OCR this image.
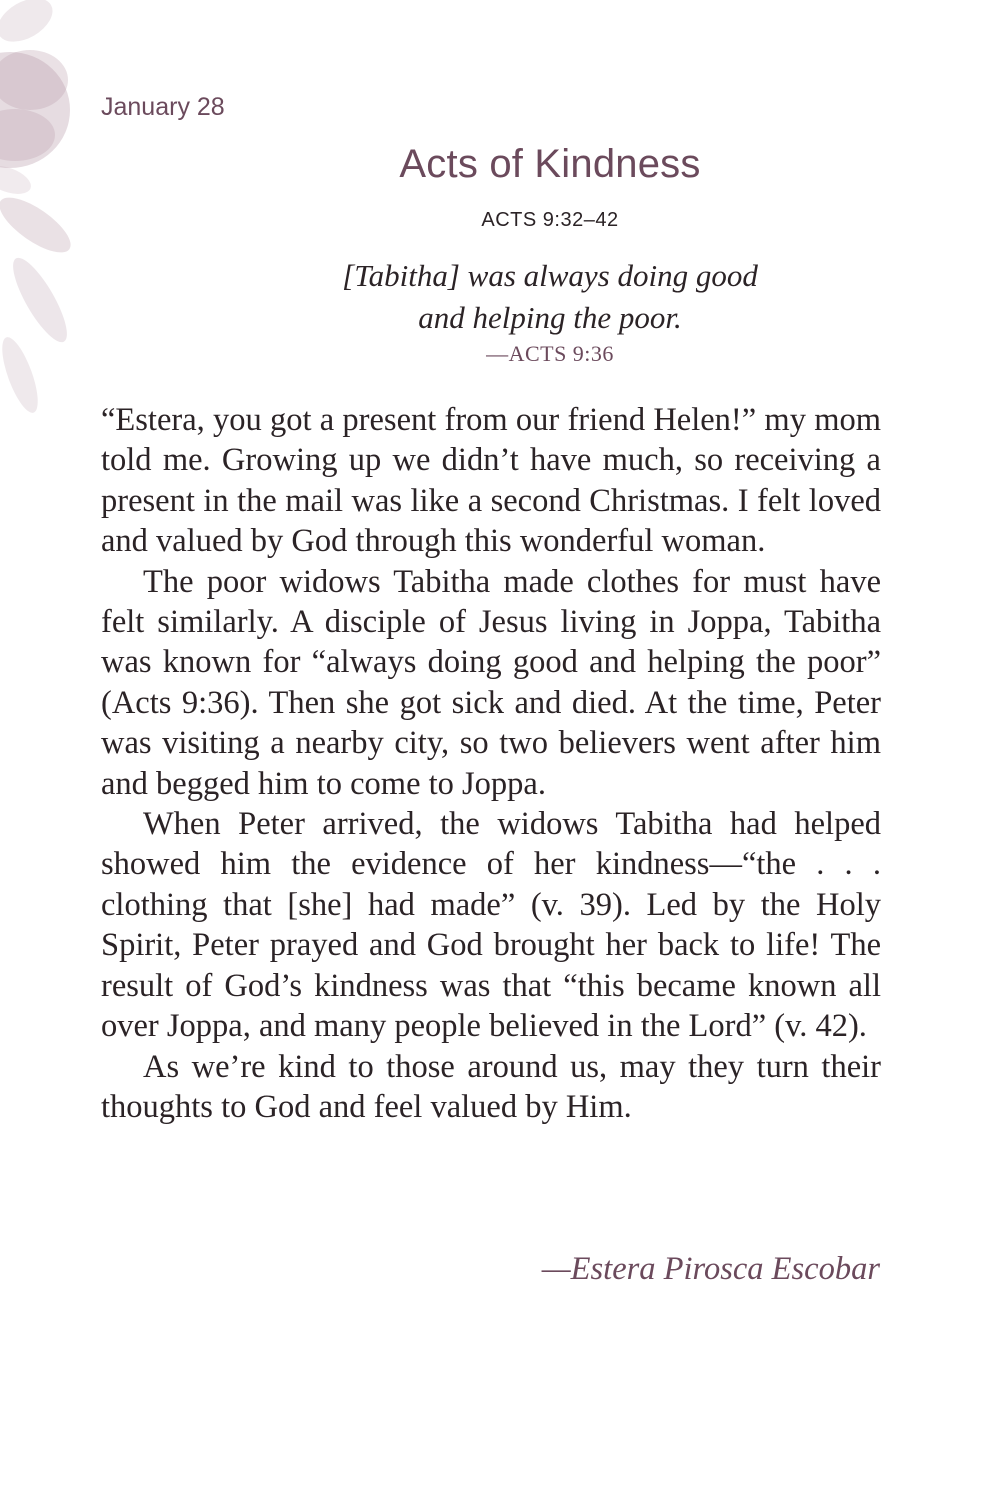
January 28
Acts of Kindness
ACTS 9:32–42
[Tabitha] was always doing good
and helping the poor.
—ACTS 9:36

“Estera, you got a present from our friend Helen!” my mom told me. Growing up we didn’t have much, so receiving a present in the mail was like a second Christmas. I felt loved and valued by God through this wonderful woman.

The poor widows Tabitha made clothes for must have felt similarly. A disciple of Jesus living in Joppa, Tabitha was known for “always doing good and helping the poor” (Acts 9:36). Then she got sick and died. At the time, Peter was visiting a nearby city, so two believers went after him and begged him to come to Joppa.

When Peter arrived, the widows Tabitha had helped showed him the evidence of her kindness—“the . . . clothing that [she] had made” (v. 39). Led by the Holy Spirit, Peter prayed and God brought her back to life! The result of God’s kindness was that “this became known all over Joppa, and many people believed in the Lord” (v. 42).

As we’re kind to those around us, may they turn their thoughts to God and feel valued by Him.

—Estera Pirosca Escobar
